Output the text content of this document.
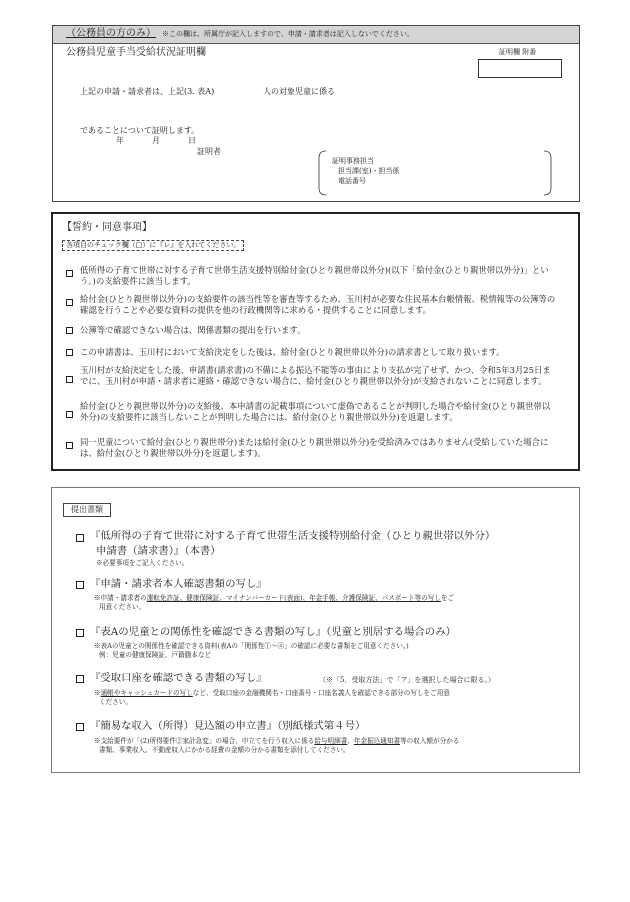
（公務員の方のみ） ※この欄は、所属庁が記入しますので、申請・請求者は記入しないでください。
公務員児童手当受給状況証明欄	証明欄 附番
上記の申請・請求者は、上記(3. 表A)	人の対象児童に係る
であることについて証明します。
年	月	日
証明者
証明事務担当
担当課(室)・担当係
電話番号
【誓約・同意事項】
各項目のチェック欄（□）に『レ』を入れてください。
低所得の子育て世帯に対する子育て世帯生活支援特別給付金(ひとり親世帯以外分)(以下「給付金(ひとり親世帯以外分)」という。)の支給要件に該当します。
給付金(ひとり親世帯以外分)の支給要件の該当性等を審査等するため、玉川村が必要な住民基本台帳情報、税情報等の公簿等の確認を行うことや必要な資料の提供を他の行政機関等に求める・提供することに同意します。
公簿等で確認できない場合は、関係書類の提出を行います。
この申請書は、玉川村において支給決定をした後は、給付金(ひとり親世帯以外分)の請求書として取り扱います。
玉川村が支給決定をした後、申請書(請求書)の不備による振込不能等の事由により支払が完了せず、かつ、令和5年3月25日までに、玉川村が申請・請求者に連絡・確認できない場合に、給付金(ひとり親世帯以外分)が支給されないことに同意します。
給付金(ひとり親世帯以外分)の支給後、本申請書の記載事項について虚偽であることが判明した場合や給付金(ひとり親世帯以外分)の支給要件に該当しないことが判明した場合には、給付金(ひとり親世帯以外分)を返還します。
同一児童について給付金(ひとり親世帯分)または給付金(ひとり親世帯以外分)を受給済みではありません(受給していた場合には、給付金(ひとり親世帯以外分)を返還します)。
提出書類
『低所得の子育て世帯に対する子育て世帯生活支援特別給付金（ひとり親世帯以外分）
申請書（請求書）』（本書）
※必要事項をご記入ください。
『申請・請求者本人確認書類の写し』
※申請・請求者の運転免許証、健康保険証、マイナンバーカード(表面)、年金手帳、介護保険証、パスポート等の写しをご
用意ください。
『表Aの児童との関係性を確認できる書類の写し』（児童と別居する場合のみ）
※表Aの児童との関係性を確認できる資料(表Aの「関係性①～④」の確認に必要な書類をご用意ください。)
例：児童の健康保険証、戸籍謄本など
『受取口座を確認できる書類の写し』	（※「5．受取方法」で「ア」を選択した場合に限る。）
※通帳やキャッシュカードの写しなど、受取口座の金融機関名・口座番号・口座名義人を確認できる部分の写しをご用意
ください。
『簡易な収入（所得）見込額の申立書』（別紙様式第４号）
※支給要件が「(2)所得要件②家計急変」の場合、申立てを行う収入に係る給与明細書、年金振込通知書等の収入額が分かる
書類、事業収入、不動産収入にかかる経費の金額の分かる書類を添付してください。
